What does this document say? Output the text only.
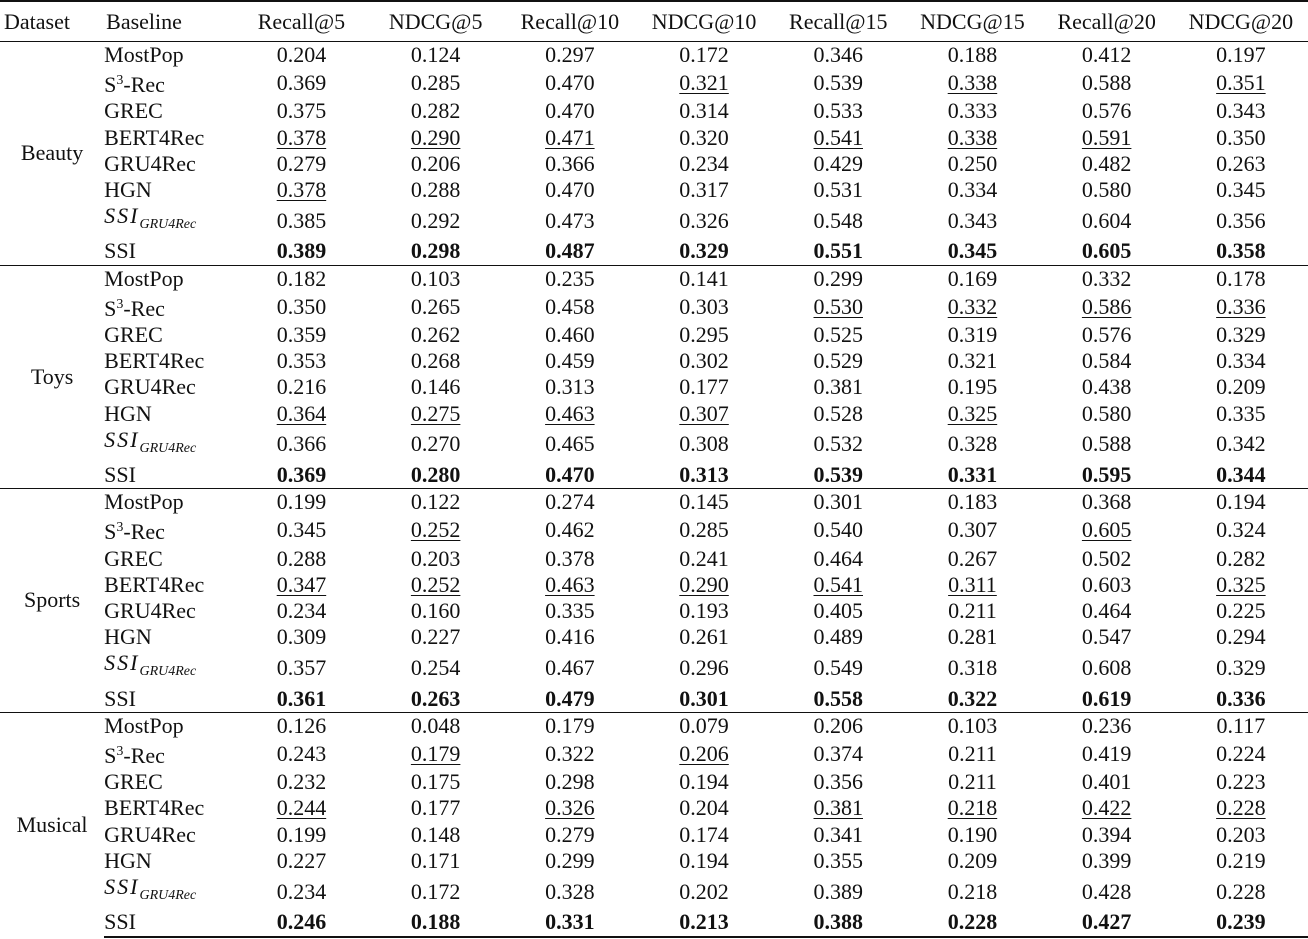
Dataset	Baseline	Recall@5	NDCG@5	Recall@10	NDCG@10	Recall@15	NDCG@15	Recall@20	NDCG@20
Beauty	MostPop	0.204	0.124	0.297	0.172	0.346	0.188	0.412	0.197
	$S^3$-Rec	0.369	0.285	0.470	0.321	0.539	0.338	0.588	0.351
	GREC	0.375	0.282	0.470	0.314	0.533	0.333	0.576	0.343
	BERT4Rec	0.378	0.290	0.471	0.320	0.541	0.338	0.591	0.350
	GRU4Rec	0.279	0.206	0.366	0.234	0.429	0.250	0.482	0.263
	HGN	0.378	0.288	0.470	0.317	0.531	0.334	0.580	0.345
	$SSI_{GRU4Rec}$	0.385	0.292	0.473	0.326	0.548	0.343	0.604	0.356
	SSI	0.389	0.298	0.487	0.329	0.551	0.345	0.605	0.358
Toys	MostPop	0.182	0.103	0.235	0.141	0.299	0.169	0.332	0.178
	$S^3$-Rec	0.350	0.265	0.458	0.303	0.530	0.332	0.586	0.336
	GREC	0.359	0.262	0.460	0.295	0.525	0.319	0.576	0.329
	BERT4Rec	0.353	0.268	0.459	0.302	0.529	0.321	0.584	0.334
	GRU4Rec	0.216	0.146	0.313	0.177	0.381	0.195	0.438	0.209
	HGN	0.364	0.275	0.463	0.307	0.528	0.325	0.580	0.335
	$SSI_{GRU4Rec}$	0.366	0.270	0.465	0.308	0.532	0.328	0.588	0.342
	SSI	0.369	0.280	0.470	0.313	0.539	0.331	0.595	0.344
Sports	MostPop	0.199	0.122	0.274	0.145	0.301	0.183	0.368	0.194
	$S^3$-Rec	0.345	0.252	0.462	0.285	0.540	0.307	0.605	0.324
	GREC	0.288	0.203	0.378	0.241	0.464	0.267	0.502	0.282
	BERT4Rec	0.347	0.252	0.463	0.290	0.541	0.311	0.603	0.325
	GRU4Rec	0.234	0.160	0.335	0.193	0.405	0.211	0.464	0.225
	HGN	0.309	0.227	0.416	0.261	0.489	0.281	0.547	0.294
	$SSI_{GRU4Rec}$	0.357	0.254	0.467	0.296	0.549	0.318	0.608	0.329
	SSI	0.361	0.263	0.479	0.301	0.558	0.322	0.619	0.336
Musical	MostPop	0.126	0.048	0.179	0.079	0.206	0.103	0.236	0.117
	$S^3$-Rec	0.243	0.179	0.322	0.206	0.374	0.211	0.419	0.224
	GREC	0.232	0.175	0.298	0.194	0.356	0.211	0.401	0.223
	BERT4Rec	0.244	0.177	0.326	0.204	0.381	0.218	0.422	0.228
	GRU4Rec	0.199	0.148	0.279	0.174	0.341	0.190	0.394	0.203
	HGN	0.227	0.171	0.299	0.194	0.355	0.209	0.399	0.219
	$SSI_{GRU4Rec}$	0.234	0.172	0.328	0.202	0.389	0.218	0.428	0.228
	SSI	0.246	0.188	0.331	0.213	0.388	0.228	0.427	0.239
